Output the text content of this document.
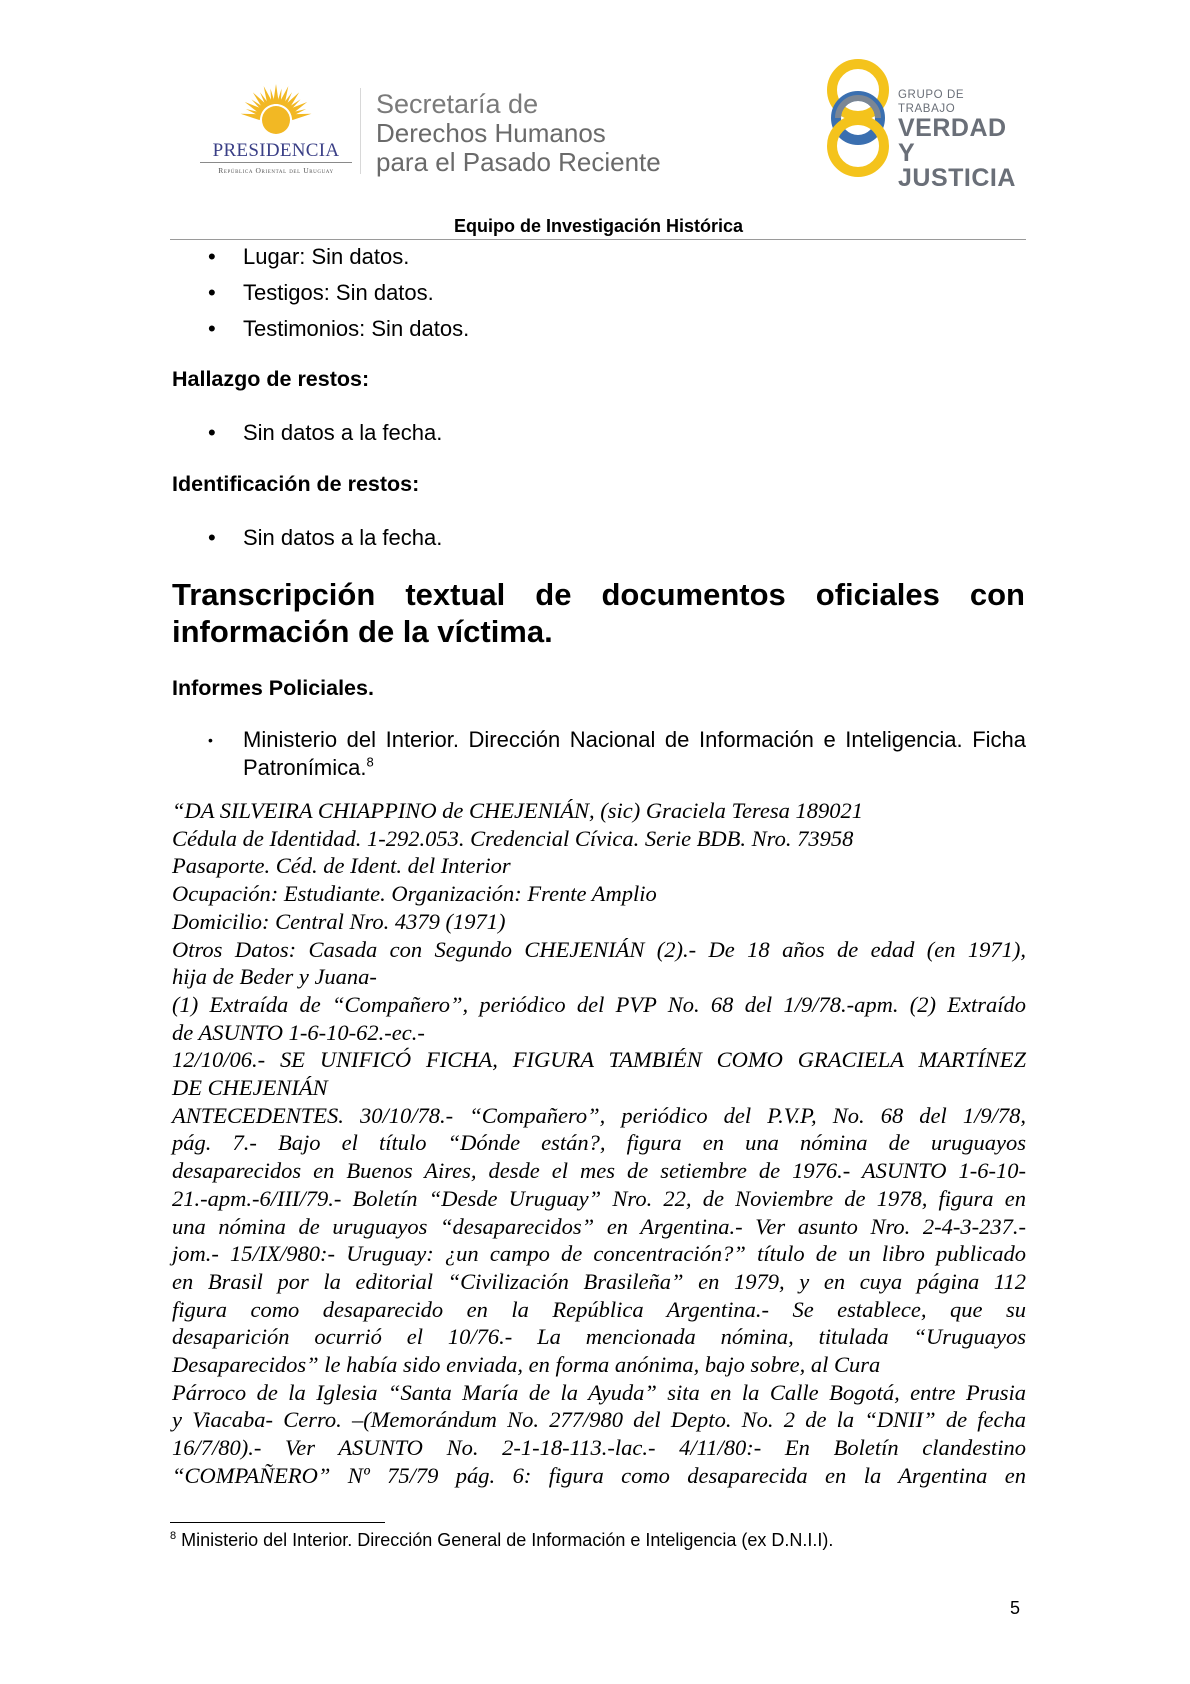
PRESIDENCIA
República Oriental del Uruguay
Secretaría de
Derechos Humanos
para el Pasado Reciente
GRUPO DE TRABAJO
VERDAD Y
JUSTICIA
Equipo de Investigación Histórica
• Lugar: Sin datos.
• Testigos: Sin datos.
• Testimonios: Sin datos.
Hallazgo de restos:
• Sin datos a la fecha.
Identificación de restos:
• Sin datos a la fecha.
Transcripción textual de documentos oficiales con
información de la víctima.
Informes Policiales.
• Ministerio del Interior. Dirección Nacional de Información e Inteligencia. Ficha Patronímica.$^8$
“DA SILVEIRA CHIAPPINO de CHEJENIÁN, (sic) Graciela Teresa 189021
Cédula de Identidad. 1-292.053. Credencial Cívica. Serie BDB. Nro. 73958
Pasaporte. Céd. de Ident. del Interior
Ocupación: Estudiante. Organización: Frente Amplio
Domicilio: Central Nro. 4379 (1971)
Otros Datos: Casada con Segundo CHEJENIÁN (2).- De 18 años de edad (en 1971),
hija de Beder y Juana-
(1) Extraída de “Compañero”, periódico del PVP No. 68 del 1/9/78.-apm. (2) Extraído
de ASUNTO 1-6-10-62.-ec.-
12/10/06.- SE UNIFICÓ FICHA, FIGURA TAMBIÉN COMO GRACIELA MARTÍNEZ
DE CHEJENIÁN
ANTECEDENTES. 30/10/78.- “Compañero”, periódico del P.V.P, No. 68 del 1/9/78,
pág. 7.- Bajo el título “Dónde están?, figura en una nómina de uruguayos
desaparecidos en Buenos Aires, desde el mes de setiembre de 1976.- ASUNTO 1-6-10-
21.-apm.-6/III/79.- Boletín “Desde Uruguay” Nro. 22, de Noviembre de 1978, figura en
una nómina de uruguayos “desaparecidos” en Argentina.- Ver asunto Nro. 2-4-3-237.-
jom.- 15/IX/980:- Uruguay: ¿un campo de concentración?” título de un libro publicado
en Brasil por la editorial “Civilización Brasileña” en 1979, y en cuya página 112
figura como desaparecido en la República Argentina.- Se establece, que su
desaparición ocurrió el 10/76.- La mencionada nómina, titulada “Uruguayos
Desaparecidos” le había sido enviada, en forma anónima, bajo sobre, al Cura
Párroco de la Iglesia “Santa María de la Ayuda” sita en la Calle Bogotá, entre Prusia
y Viacaba- Cerro. –(Memorándum No. 277/980 del Depto. No. 2 de la “DNII” de fecha
16/7/80).- Ver ASUNTO No. 2-1-18-113.-lac.- 4/11/80:- En Boletín clandestino
“COMPAÑERO” Nº 75/79 pág. 6: figura como desaparecida en la Argentina en
$^8$ Ministerio del Interior. Dirección General de Información e Inteligencia (ex D.N.I.I).
5
